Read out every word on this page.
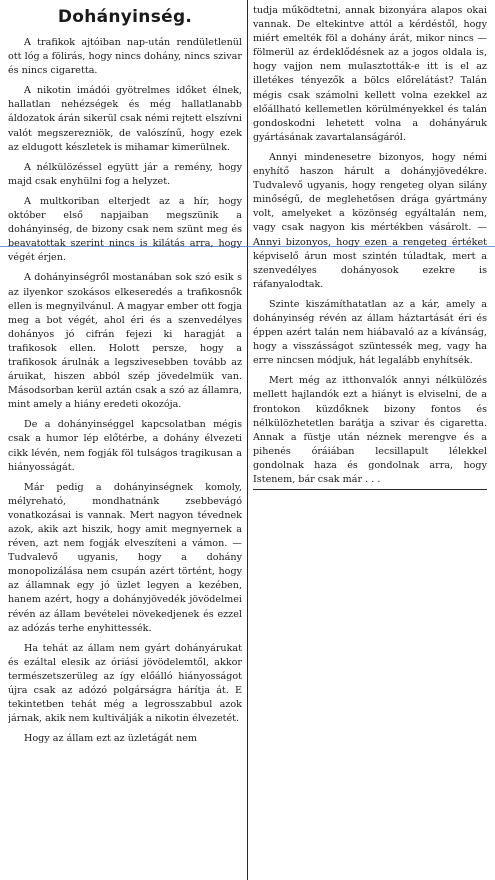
Dohányinség.

A trafikok ajtóiban nap-után rendületlenül ott lóg a fölirás, hogy nincs dohány, nincs szivar és nincs cigaretta.

A nikotin imádói gyötrelmes időket élnek, hallatlan nehézségek és még hallatlanabb áldozatok árán sikerül csak némi rejtett elszívni valót megszerezniök, de valószínű, hogy ezek az eldugott készletek is mihamar kimerülnek.

A nélkülözéssel együtt jár a remény, hogy majd csak enyhülni fog a helyzet.

A multkoriban elterjedt az a hír, hogy október első napjaiban megszünik a dohányinség, de bizony csak nem szünt meg és beavatottak szerint nincs is kilátás arra, hogy végét érjen.

A dohányinségről mostanában sok szó esik s az ilyenkor szokásos elkeseredés a trafikosnők ellen is megnyilvánul. A magyar ember ott fogja meg a bot végét, ahol éri és a szenvedélyes dohányos jó cifrán fejezi ki haragját a trafikosok ellen. Holott persze, hogy a trafikosok árulnák a legszivesebben tovább az áruikat, hiszen abból szép jövedelmük van. Másodsorban kerül aztán csak a szó az államra, mint amely a hiány eredeti okozója.

De a dohányinséggel kapcsolatban mégis csak a humor lép előtérbe, a dohány élvezeti cikk lévén, nem fogják föl tulságos tragikusan a hiányosságát.

Már pedig a dohányinségnek komoly, mélyreható, mondhatnánk zsebbevágó vonatkozásai is vannak. Mert nagyon tévednek azok, akik azt hiszik, hogy amit megnyernek a réven, azt nem fogják elveszíteni a vámon. — Tudvalevő ugyanis, hogy a dohány monopolizálása nem csupán azért történt, hogy az államnak egy jó üzlet legyen a kezében, hanem azért, hogy a dohányjövedék jövödelmei révén az állam bevételei növekedjenek és ezzel az adózás terhe enyhittessék.

Ha tehát az állam nem gyárt dohányárukat és ezáltal elesik az óriási jövödelemtől, akkor természetszerüleg az így előálló hiányosságot újra csak az adózó polgárságra hárítja át. E tekintetben tehát még a legrosszabbul azok járnak, akik nem kultiválják a nikotin élvezetét.

Hogy az állam ezt az üzletágát nem

tudja működtetni, annak bizonyára alapos okai vannak. De eltekintve attól a kérdéstől, hogy miért emelték föl a dohány árát, mikor nincs — fölmerül az érdeklődésnek az a jogos oldala is, hogy vajjon nem mulasztották-e itt is el az illetékes tényezők a bölcs előrelátást? Talán mégis csak számolni kellett volna ezekkel az előállható kellemetlen körülményekkel és talán gondoskodni lehetett volna a dohányáruk gyártásának zavartalanságáról.

Annyi mindenesetre bizonyos, hogy némi enyhítő haszon hárult a dohányjövedékre. Tudvalevő ugyanis, hogy rengeteg olyan silány minőségű, de meglehetősen drága gyártmány volt, amelyeket a közönség egyáltalán nem, vagy csak nagyon kis mértékben vásárolt. — Annyi bizonyos, hogy ezen a rengeteg értéket képviselő árun most szintén túladtak, mert a szenvedélyes dohányosok ezekre is ráfanyalodtak.

Szinte kiszámíthatatlan az a kár, amely a dohányinség révén az állam háztartását éri és éppen azért talán nem hiábavaló az a kívánság, hogy a visszásságot szüntessék meg, vagy ha erre nincsen módjuk, hát legalább enyhítsék.

Mert még az itthonvalók annyi nélkülözés mellett hajlandók ezt a hiányt is elviselni, de a frontokon küzdőknek bizony fontos és nélkülözhetetlen barátja a szivar és cigaretta. Annak a füstje után néznek merengve és a pihenés óráiában lecsillapult lélekkel gondolnak haza és gondolnak arra, hogy Istenem, bár csak már . . .
